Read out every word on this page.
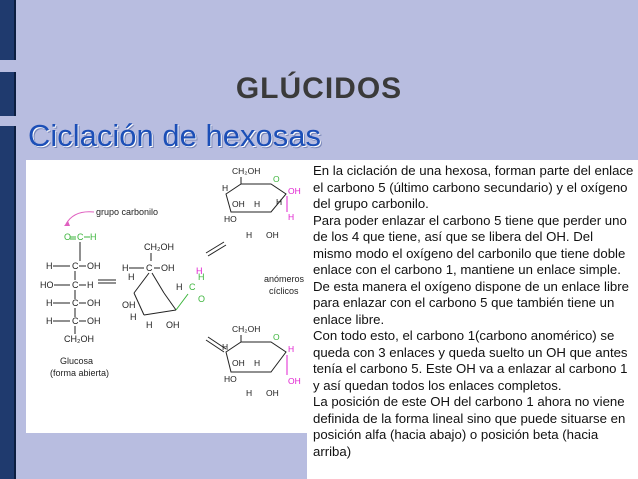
GLÚCIDOS
Ciclación de hexosas
grupo carbonilo
O C H
H C OH
HO C H
H C OH
H C OH
CH₂OH
Glucosa
(forma abierta)
CH₂OH
H C OH
H
OH
H
H
H OH
C
H
O
H
anómeros
cíclicos
CH₂OH
O
H
HO
OH H
H OH
H
OH
H
CH₂OH
O
H
HO
OH H
H OH
H
OH

En la ciclación de una hexosa, forman parte del enlace el carbono 5 (último carbono secundario) y el oxígeno del grupo carbonilo.

Para poder enlazar el carbono 5 tiene que perder uno de los 4 que tiene, así que se libera del OH. Del mismo modo el oxígeno del carbonilo que tiene doble enlace con el carbono 1, mantiene un enlace simple. De esta manera el oxígeno dispone de un enlace libre para enlazar con el carbono 5 que también tiene un enlace libre.

Con todo esto, el carbono 1(carbono anomérico) se queda con 3 enlaces y queda suelto un OH que antes tenía el carbono 5. Este OH va a enlazar al carbono 1 y así quedan todos los enlaces completos.

La posición de este OH del carbono 1 ahora no viene definida de la forma lineal sino que puede situarse en posición alfa (hacia abajo) o posición beta (hacia arriba)
